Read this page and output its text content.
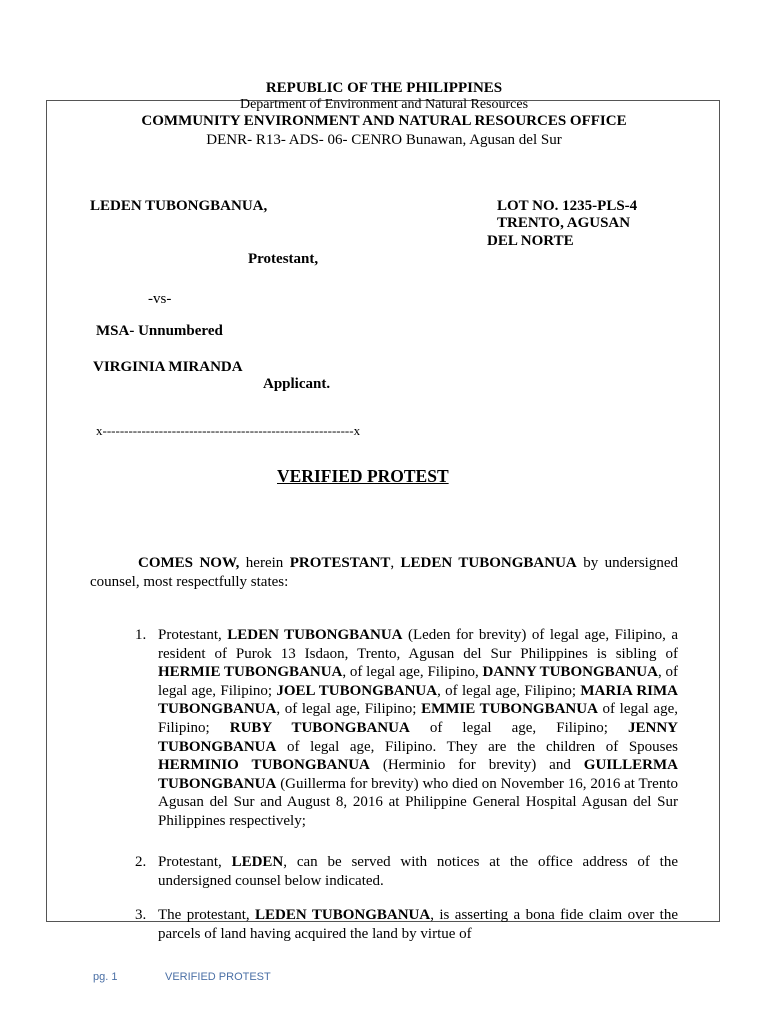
REPUBLIC OF THE PHILIPPINES
Department of Environment and Natural Resources
COMMUNITY ENVIRONMENT AND NATURAL RESOURCES OFFICE
DENR- R13- ADS- 06- CENRO Bunawan, Agusan del Sur
LEDEN TUBONGBANUA,	LOT NO. 1235-PLS-4
TRENTO, AGUSAN
DEL NORTE
Protestant,
-vs-
MSA- Unnumbered
VIRGINIA MIRANDA
Applicant.
x----------------------------------------------------------x
VERIFIED PROTEST
COMES NOW, herein PROTESTANT, LEDEN TUBONGBANUA by undersigned counsel, most respectfully states:
1. Protestant, LEDEN TUBONGBANUA (Leden for brevity) of legal age, Filipino, a resident of Purok 13 Isdaon, Trento, Agusan del Sur Philippines is sibling of HERMIE TUBONGBANUA, of legal age, Filipino, DANNY TUBONGBANUA, of legal age, Filipino; JOEL TUBONGBANUA, of legal age, Filipino; MARIA RIMA TUBONGBANUA, of legal age, Filipino; EMMIE TUBONGBANUA of legal age, Filipino; RUBY TUBONGBANUA of legal age, Filipino; JENNY TUBONGBANUA of legal age, Filipino. They are the children of Spouses HERMINIO TUBONGBANUA (Herminio for brevity) and GUILLERMA TUBONGBANUA (Guillerma for brevity) who died on November 16, 2016 at Trento Agusan del Sur and August 8, 2016 at Philippine General Hospital Agusan del Sur Philippines respectively;
2. Protestant, LEDEN, can be served with notices at the office address of the undersigned counsel below indicated.
3. The protestant, LEDEN TUBONGBANUA, is asserting a bona fide claim over the parcels of land having acquired the land by virtue of
pg. 1	VERIFIED PROTEST
